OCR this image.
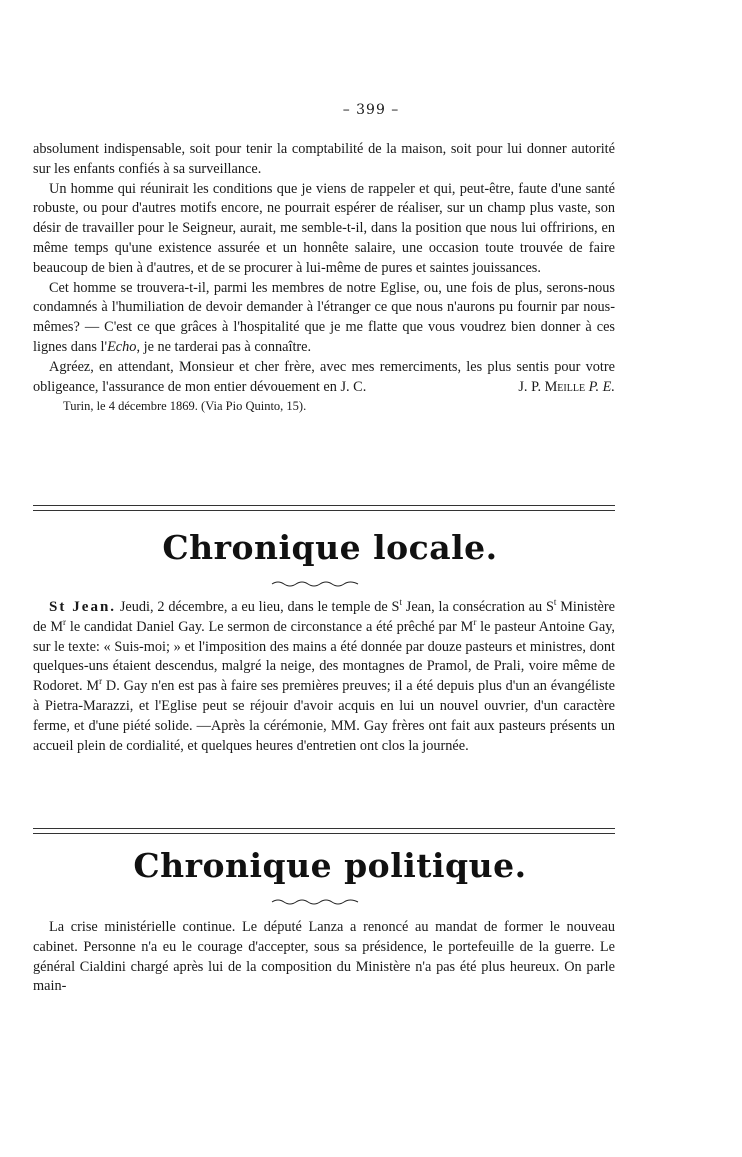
– 399 –

absolument indispensable, soit pour tenir la comptabilité de la maison, soit pour lui donner autorité sur les enfants confiés à sa surveillance.

Un homme qui réunirait les conditions que je viens de rappeler et qui, peut-être, faute d'une santé robuste, ou pour d'autres motifs encore, ne pourrait espérer de réaliser, sur un champ plus vaste, son désir de travailler pour le Seigneur, aurait, me semble-t-il, dans la position que nous lui offririons, en même temps qu'une existence assurée et un honnête salaire, une occasion toute trouvée de faire beaucoup de bien à d'autres, et de se procurer à lui-même de pures et saintes jouissances.

Cet homme se trouvera-t-il, parmi les membres de notre Eglise, ou, une fois de plus, serons-nous condamnés à l'humiliation de devoir demander à l'étranger ce que nous n'aurons pu fournir par nous-mêmes? — C'est ce que grâces à l'hospitalité que je me flatte que vous voudrez bien donner à ces lignes dans l'Echo, je ne tarderai pas à connaître.

Agréez, en attendant, Monsieur et cher frère, avec mes remerciments, les plus sentis pour votre obligeance, l'assurance de mon entier dévouement en J. C.	J. P. Meille P. E.

Turin, le 4 décembre 1869. (Via Pio Quinto, 15).
Chronique locale.

St Jean. Jeudi, 2 décembre, a eu lieu, dans le temple de $S^t$ Jean, la consécration au $S^t$ Ministère de $M^r$ le candidat Daniel Gay. Le sermon de circonstance a été prêché par $M^r$ le pasteur Antoine Gay, sur le texte: « Suis-moi; » et l'imposition des mains a été donnée par douze pasteurs et ministres, dont quelques-uns étaient descendus, malgré la neige, des montagnes de Pramol, de Prali, voire même de Rodoret. $M^r$ D. Gay n'en est pas à faire ses premières preuves; il a été depuis plus d'un an évangéliste à Pietra-Marazzi, et l'Eglise peut se réjouir d'avoir acquis en lui un nouvel ouvrier, d'un caractère ferme, et d'une piété solide. —Après la cérémonie, MM. Gay frères ont fait aux pasteurs présents un accueil plein de cordialité, et quelques heures d'entretien ont clos la journée.

Chronique politique.

La crise ministérielle continue. Le député Lanza a renoncé au mandat de former le nouveau cabinet. Personne n'a eu le courage d'accepter, sous sa présidence, le portefeuille de la guerre. Le général Cialdini chargé après lui de la composition du Ministère n'a pas été plus heureux. On parle main-
